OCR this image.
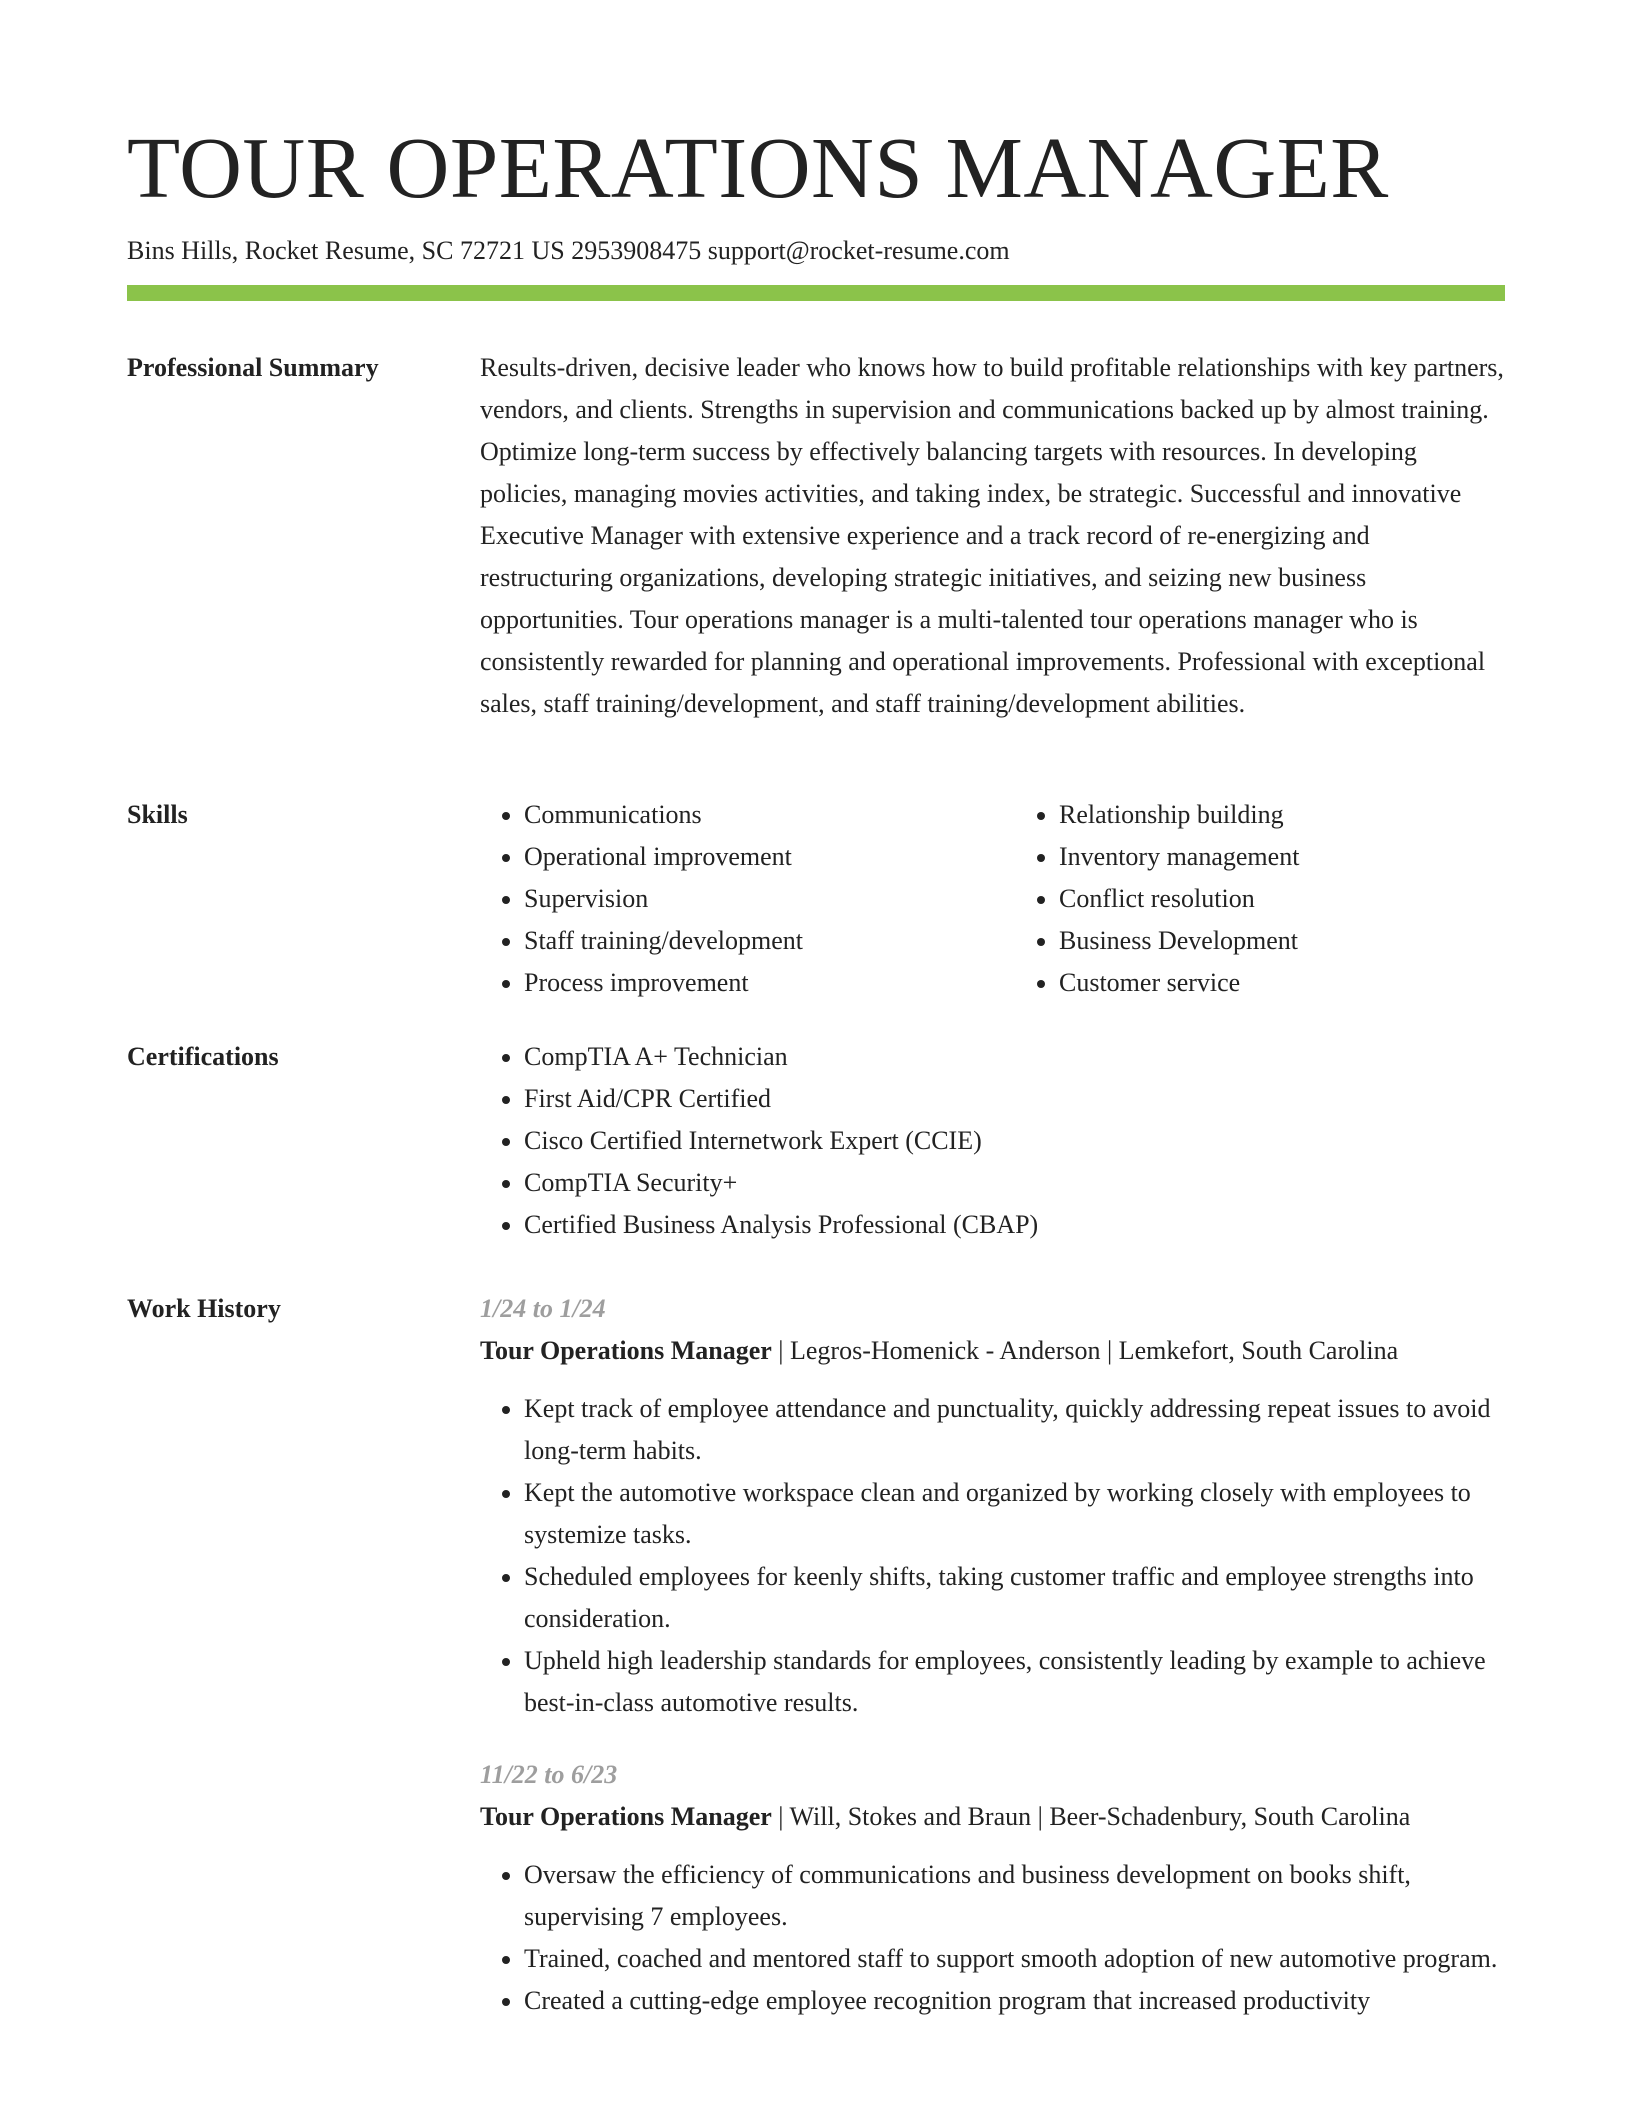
TOUR OPERATIONS MANAGER
Bins Hills, Rocket Resume, SC 72721 US 2953908475 support@rocket-resume.com
Professional Summary	Results-driven, decisive leader who knows how to build profitable relationships with key partners, vendors, and clients. Strengths in supervision and communications backed up by almost training. Optimize long-term success by effectively balancing targets with resources. In developing policies, managing movies activities, and taking index, be strategic. Successful and innovative Executive Manager with extensive experience and a track record of re-energizing and restructuring organizations, developing strategic initiatives, and seizing new business opportunities. Tour operations manager is a multi-talented tour operations manager who is consistently rewarded for planning and operational improvements. Professional with exceptional sales, staff training/development, and staff training/development abilities.

Skills	• Communications
• Operational improvement
• Supervision
• Staff training/development
• Process improvement
• Relationship building
• Inventory management
• Conflict resolution
• Business Development
• Customer service
Certifications	• CompTIA A+ Technician
• First Aid/CPR Certified
• Cisco Certified Internetwork Expert (CCIE)
• CompTIA Security+
• Certified Business Analysis Professional (CBAP)
Work History	1/24 to 1/24
Tour Operations Manager | Legros-Homenick - Anderson | Lemkefort, South Carolina
• Kept track of employee attendance and punctuality, quickly addressing repeat issues to avoid long-term habits.
• Kept the automotive workspace clean and organized by working closely with employees to systemize tasks.
• Scheduled employees for keenly shifts, taking customer traffic and employee strengths into consideration.
• Upheld high leadership standards for employees, consistently leading by example to achieve best-in-class automotive results.
11/22 to 6/23
Tour Operations Manager | Will, Stokes and Braun | Beer-Schadenbury, South Carolina
• Oversaw the efficiency of communications and business development on books shift, supervising 7 employees.
• Trained, coached and mentored staff to support smooth adoption of new automotive program.
• Created a cutting-edge employee recognition program that increased productivity
